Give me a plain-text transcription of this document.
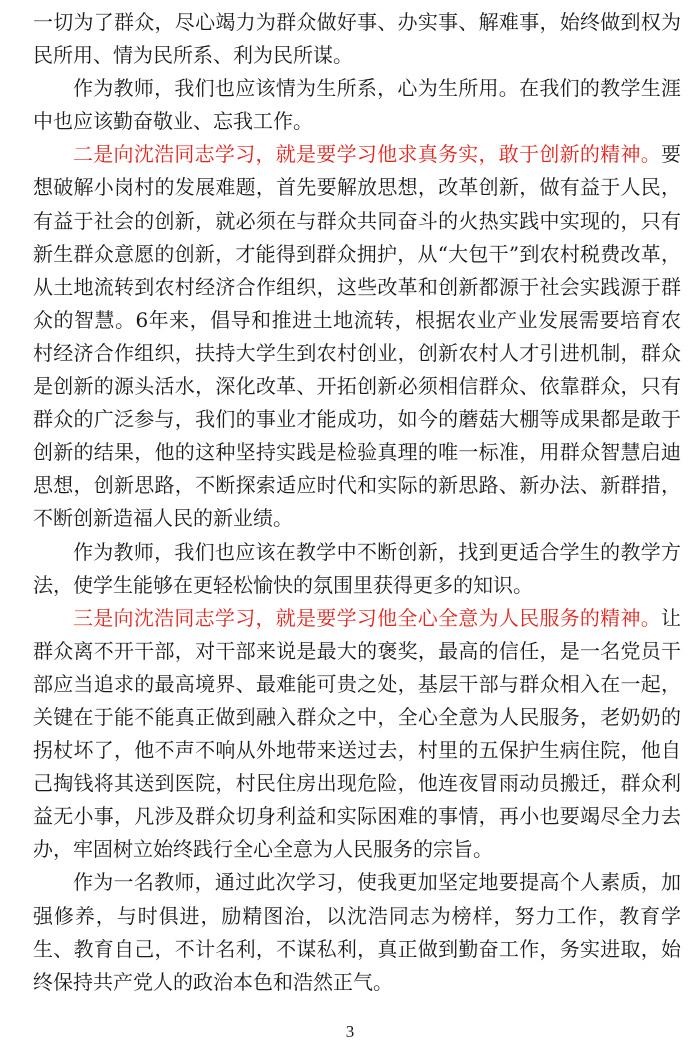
一切为了群众，尽心竭力为群众做好事、办实事、解难事，始终做到权为民所用、情为民所系、利为民所谋。

作为教师，我们也应该情为生所系，心为生所用。在我们的教学生涯中也应该勤奋敬业、忘我工作。

二是向沈浩同志学习，就是要学习他求真务实，敢于创新的精神。要想破解小岗村的发展难题，首先要解放思想，改革创新，做有益于人民，有益于社会的创新，就必须在与群众共同奋斗的火热实践中实现的，只有新生群众意愿的创新，才能得到群众拥护，从“大包干”到农村税费改革，从土地流转到农村经济合作组织，这些改革和创新都源于社会实践源于群众的智慧。6年来，倡导和推进土地流转，根据农业产业发展需要培育农村经济合作组织，扶持大学生到农村创业，创新农村人才引进机制，群众是创新的源头活水，深化改革、开拓创新必须相信群众、依靠群众，只有群众的广泛参与，我们的事业才能成功，如今的蘑菇大棚等成果都是敢于创新的结果，他的这种坚持实践是检验真理的唯一标准，用群众智慧启迪思想，创新思路，不断探索适应时代和实际的新思路、新办法、新群措，不断创新造福人民的新业绩。

作为教师，我们也应该在教学中不断创新，找到更适合学生的教学方法，使学生能够在更轻松愉快的氛围里获得更多的知识。

三是向沈浩同志学习，就是要学习他全心全意为人民服务的精神。让群众离不开干部，对干部来说是最大的褒奖，最高的信任，是一名党员干部应当追求的最高境界、最难能可贵之处，基层干部与群众相入在一起，关键在于能不能真正做到融入群众之中，全心全意为人民服务，老奶奶的拐杖坏了，他不声不响从外地带来送过去，村里的五保护生病住院，他自己掏钱将其送到医院，村民住房出现危险，他连夜冒雨动员搬迁，群众利益无小事，凡涉及群众切身利益和实际困难的事情，再小也要竭尽全力去办，牢固树立始终践行全心全意为人民服务的宗旨。

作为一名教师，通过此次学习，使我更加坚定地要提高个人素质，加强修养，与时俱进，励精图治，以沈浩同志为榜样，努力工作，教育学生、教育自己，不计名利，不谋私利，真正做到勤奋工作，务实进取，始终保持共产党人的政治本色和浩然正气。

3
